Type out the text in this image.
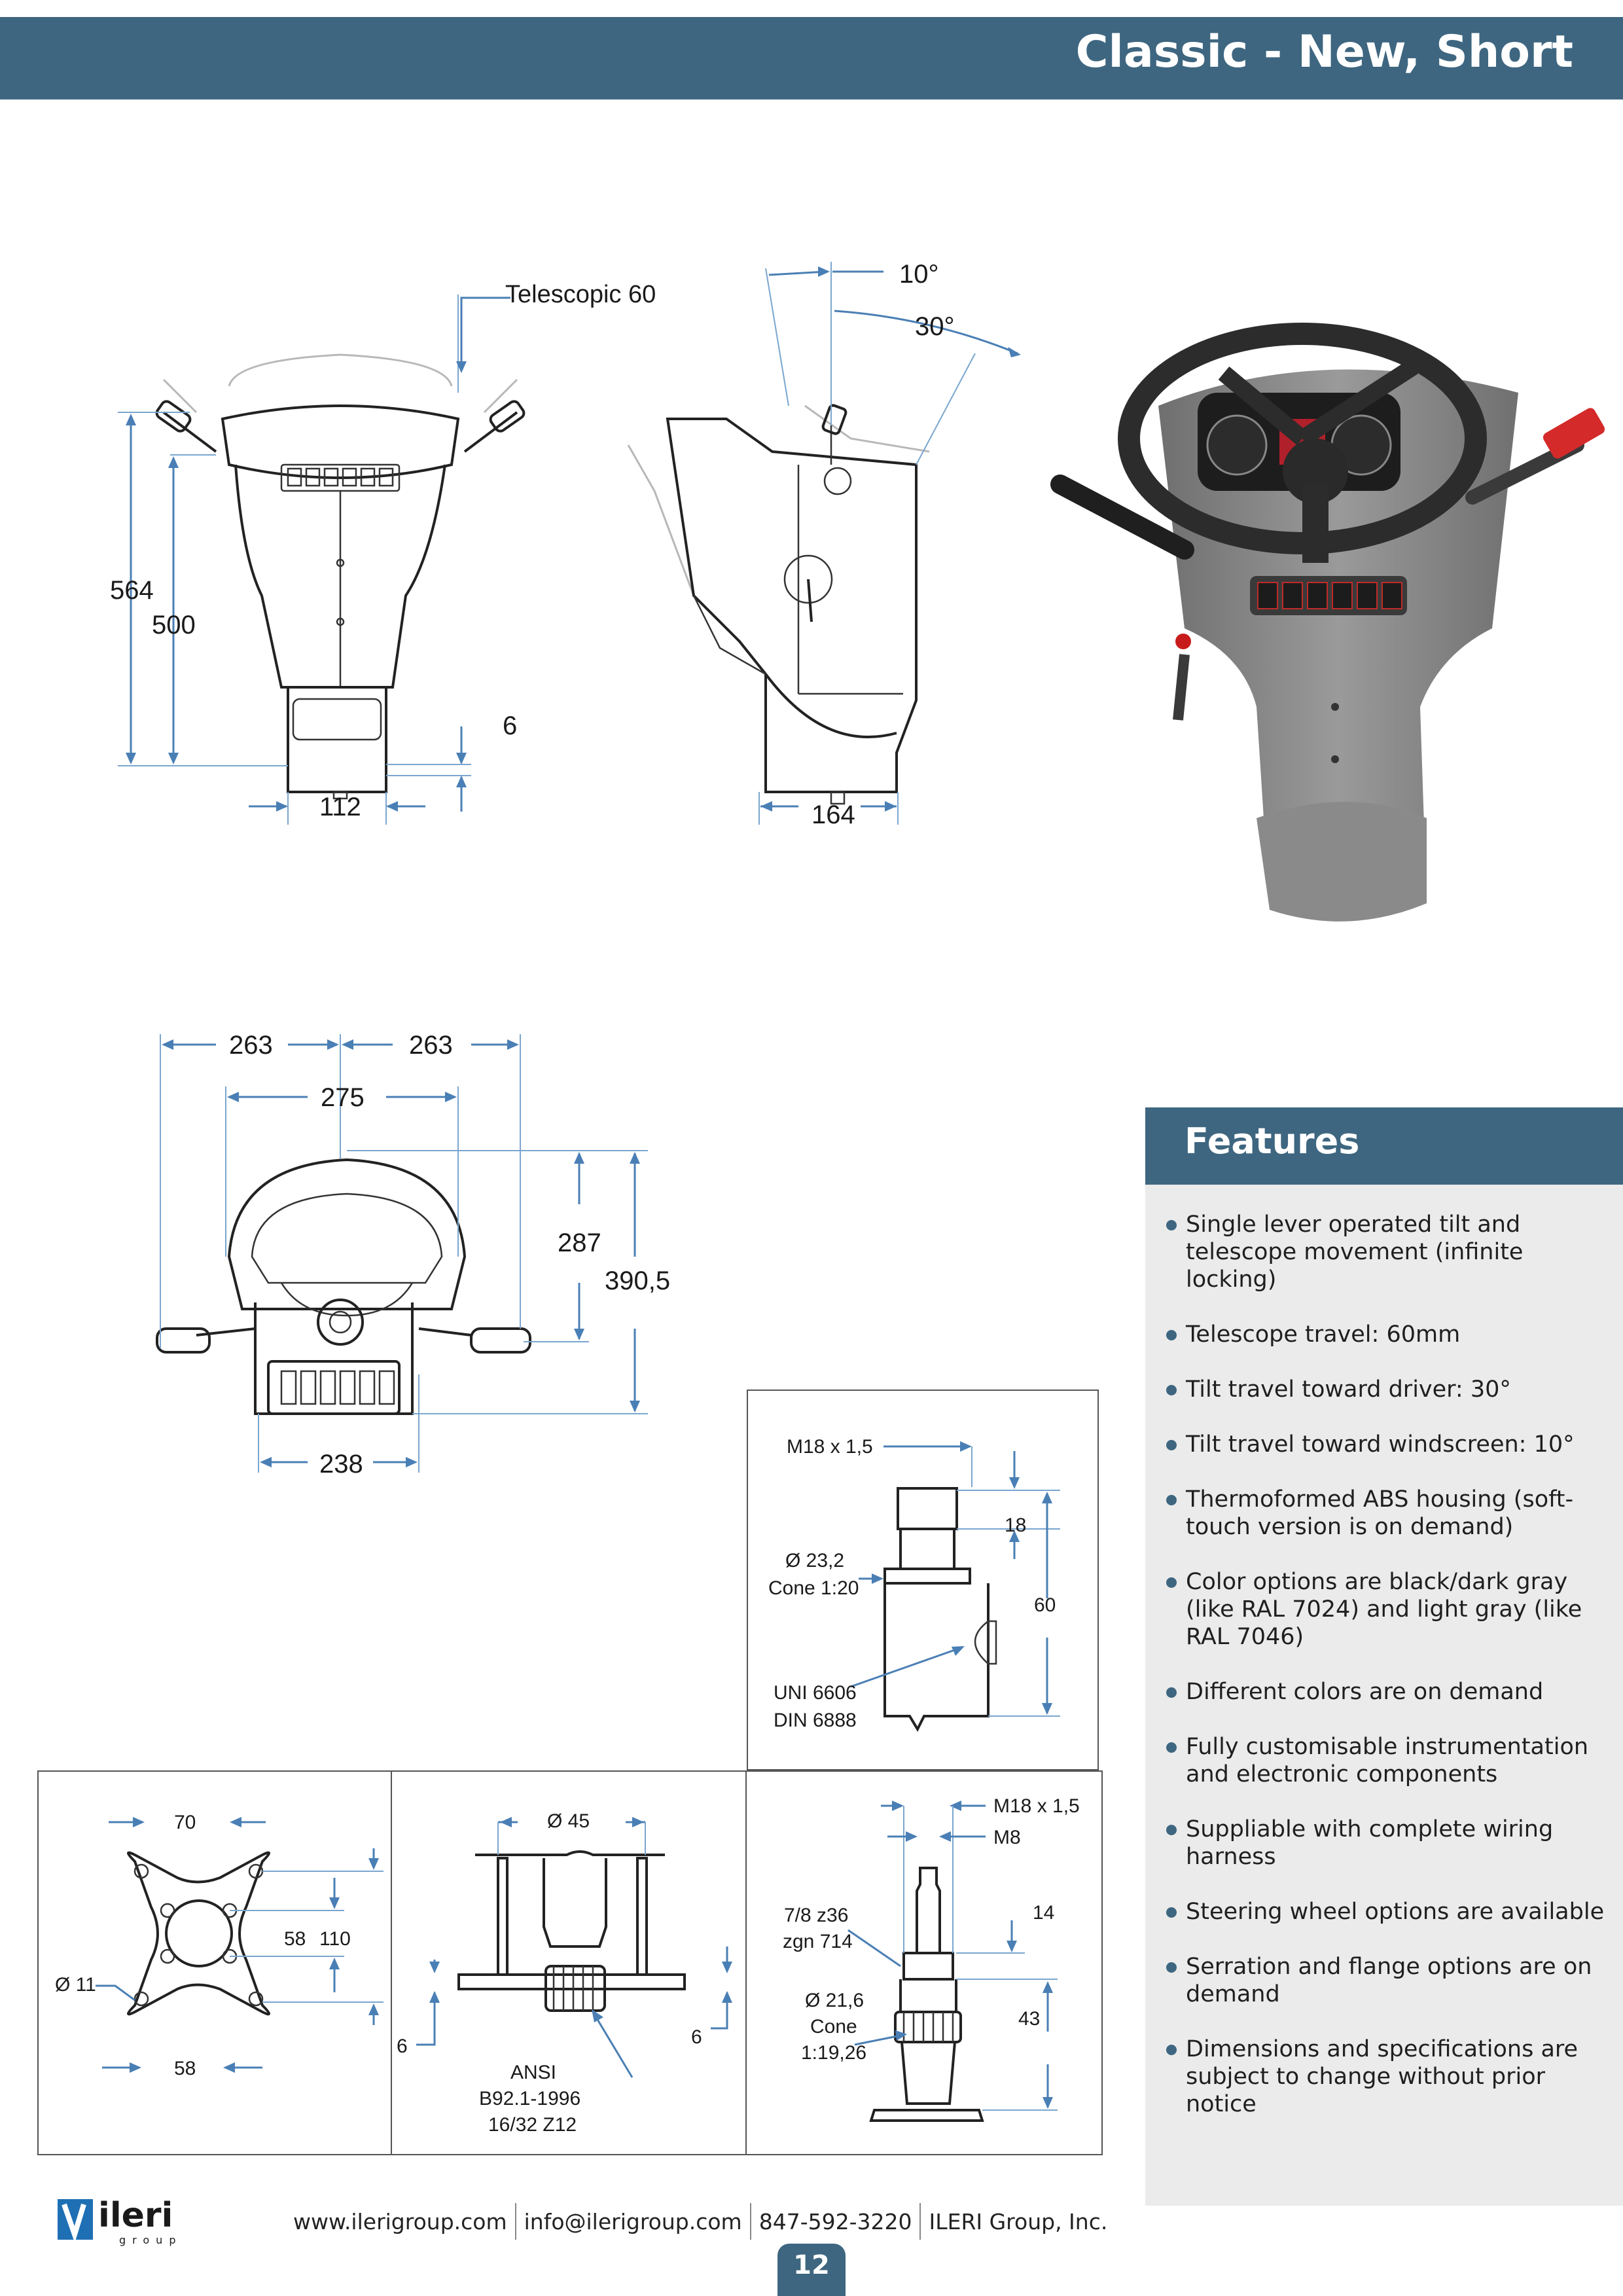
Classic - New, Short
Telescopic 60
564
500
6
112
10°
30°
164
263	263
275
287
390,5
238
M18 x 1,5
18
60
Ø 23,2
Cone 1:20
UNI 6606
DIN 6888
70
58 110
Ø 11
58
Ø 45
6	6
ANSI
B92.1-1996
16/32 Z12
M18 x 1,5
M8
7/8 z36
zgn 714
14
Ø 21,6
Cone
1:19,26
43
Features
Single lever operated tilt and telescope movement (infinite locking)
Telescope travel: 60mm
Tilt travel toward driver: 30°
Tilt travel toward windscreen: 10°
Thermoformed ABS housing (soft-touch version is on demand)
Color options are black/dark gray (like RAL 7024) and light gray (like RAL 7046)
Different colors are on demand
Fully customisable instrumentation and electronic components
Suppliable with complete wiring harness
Steering wheel options are available
Serration and flange options are on demand
Dimensions and specifications are subject to change without prior notice
ileri
group
www.ilerigroup.com info@ilerigroup.com 847-592-3220 ILERI Group, Inc.
12
